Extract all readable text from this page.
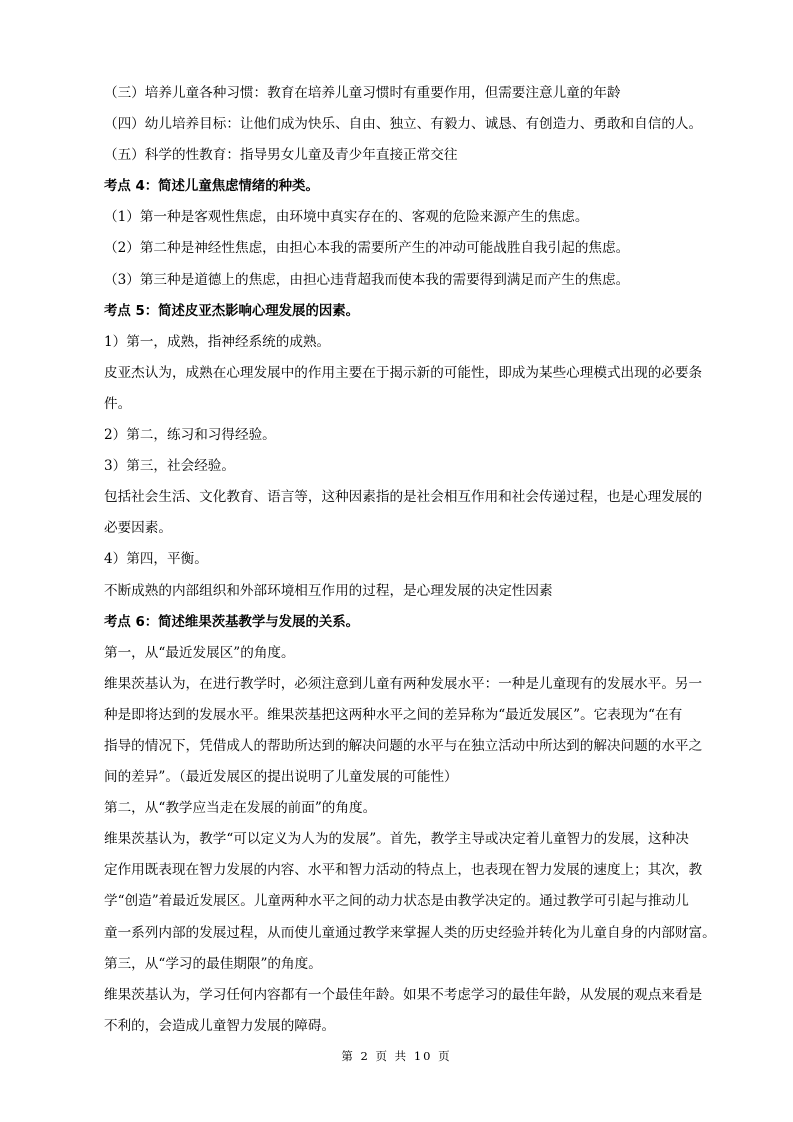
（三）培养儿童各种习惯：教育在培养儿童习惯时有重要作用，但需要注意儿童的年龄
（四）幼儿培养目标：让他们成为快乐、自由、独立、有毅力、诚恳、有创造力、勇敢和自信的人。
（五）科学的性教育：指导男女儿童及青少年直接正常交往
考点 4：简述儿童焦虑情绪的种类。
（1）第一种是客观性焦虑，由环境中真实存在的、客观的危险来源产生的焦虑。
（2）第二种是神经性焦虑，由担心本我的需要所产生的冲动可能战胜自我引起的焦虑。
（3）第三种是道德上的焦虑，由担心违背超我而使本我的需要得到满足而产生的焦虑。
考点 5：简述皮亚杰影响心理发展的因素。
1）第一，成熟，指神经系统的成熟。
皮亚杰认为，成熟在心理发展中的作用主要在于揭示新的可能性，即成为某些心理模式出现的必要条
件。
2）第二，练习和习得经验。
3）第三，社会经验。
包括社会生活、文化教育、语言等，这种因素指的是社会相互作用和社会传递过程，也是心理发展的
必要因素。
4）第四，平衡。
不断成熟的内部组织和外部环境相互作用的过程，是心理发展的决定性因素
考点 6：简述维果茨基教学与发展的关系。
第一，从“最近发展区”的角度。
维果茨基认为，在进行教学时，必须注意到儿童有两种发展水平：一种是儿童现有的发展水平。另一
种是即将达到的发展水平。维果茨基把这两种水平之间的差异称为“最近发展区”。它表现为“在有
指导的情况下，凭借成人的帮助所达到的解决问题的水平与在独立活动中所达到的解决问题的水平之
间的差异”。（最近发展区的提出说明了儿童发展的可能性）
第二，从“教学应当走在发展的前面”的角度。
维果茨基认为，教学“可以定义为人为的发展”。首先，教学主导或决定着儿童智力的发展，这种决
定作用既表现在智力发展的内容、水平和智力活动的特点上，也表现在智力发展的速度上；其次，教
学“创造”着最近发展区。儿童两种水平之间的动力状态是由教学决定的。通过教学可引起与推动儿
童一系列内部的发展过程，从而使儿童通过教学来掌握人类的历史经验并转化为儿童自身的内部财富。
第三，从“学习的最佳期限”的角度。
维果茨基认为，学习任何内容都有一个最佳年龄。如果不考虑学习的最佳年龄，从发展的观点来看是
不利的，会造成儿童智力发展的障碍。
第 2 页 共 10 页
